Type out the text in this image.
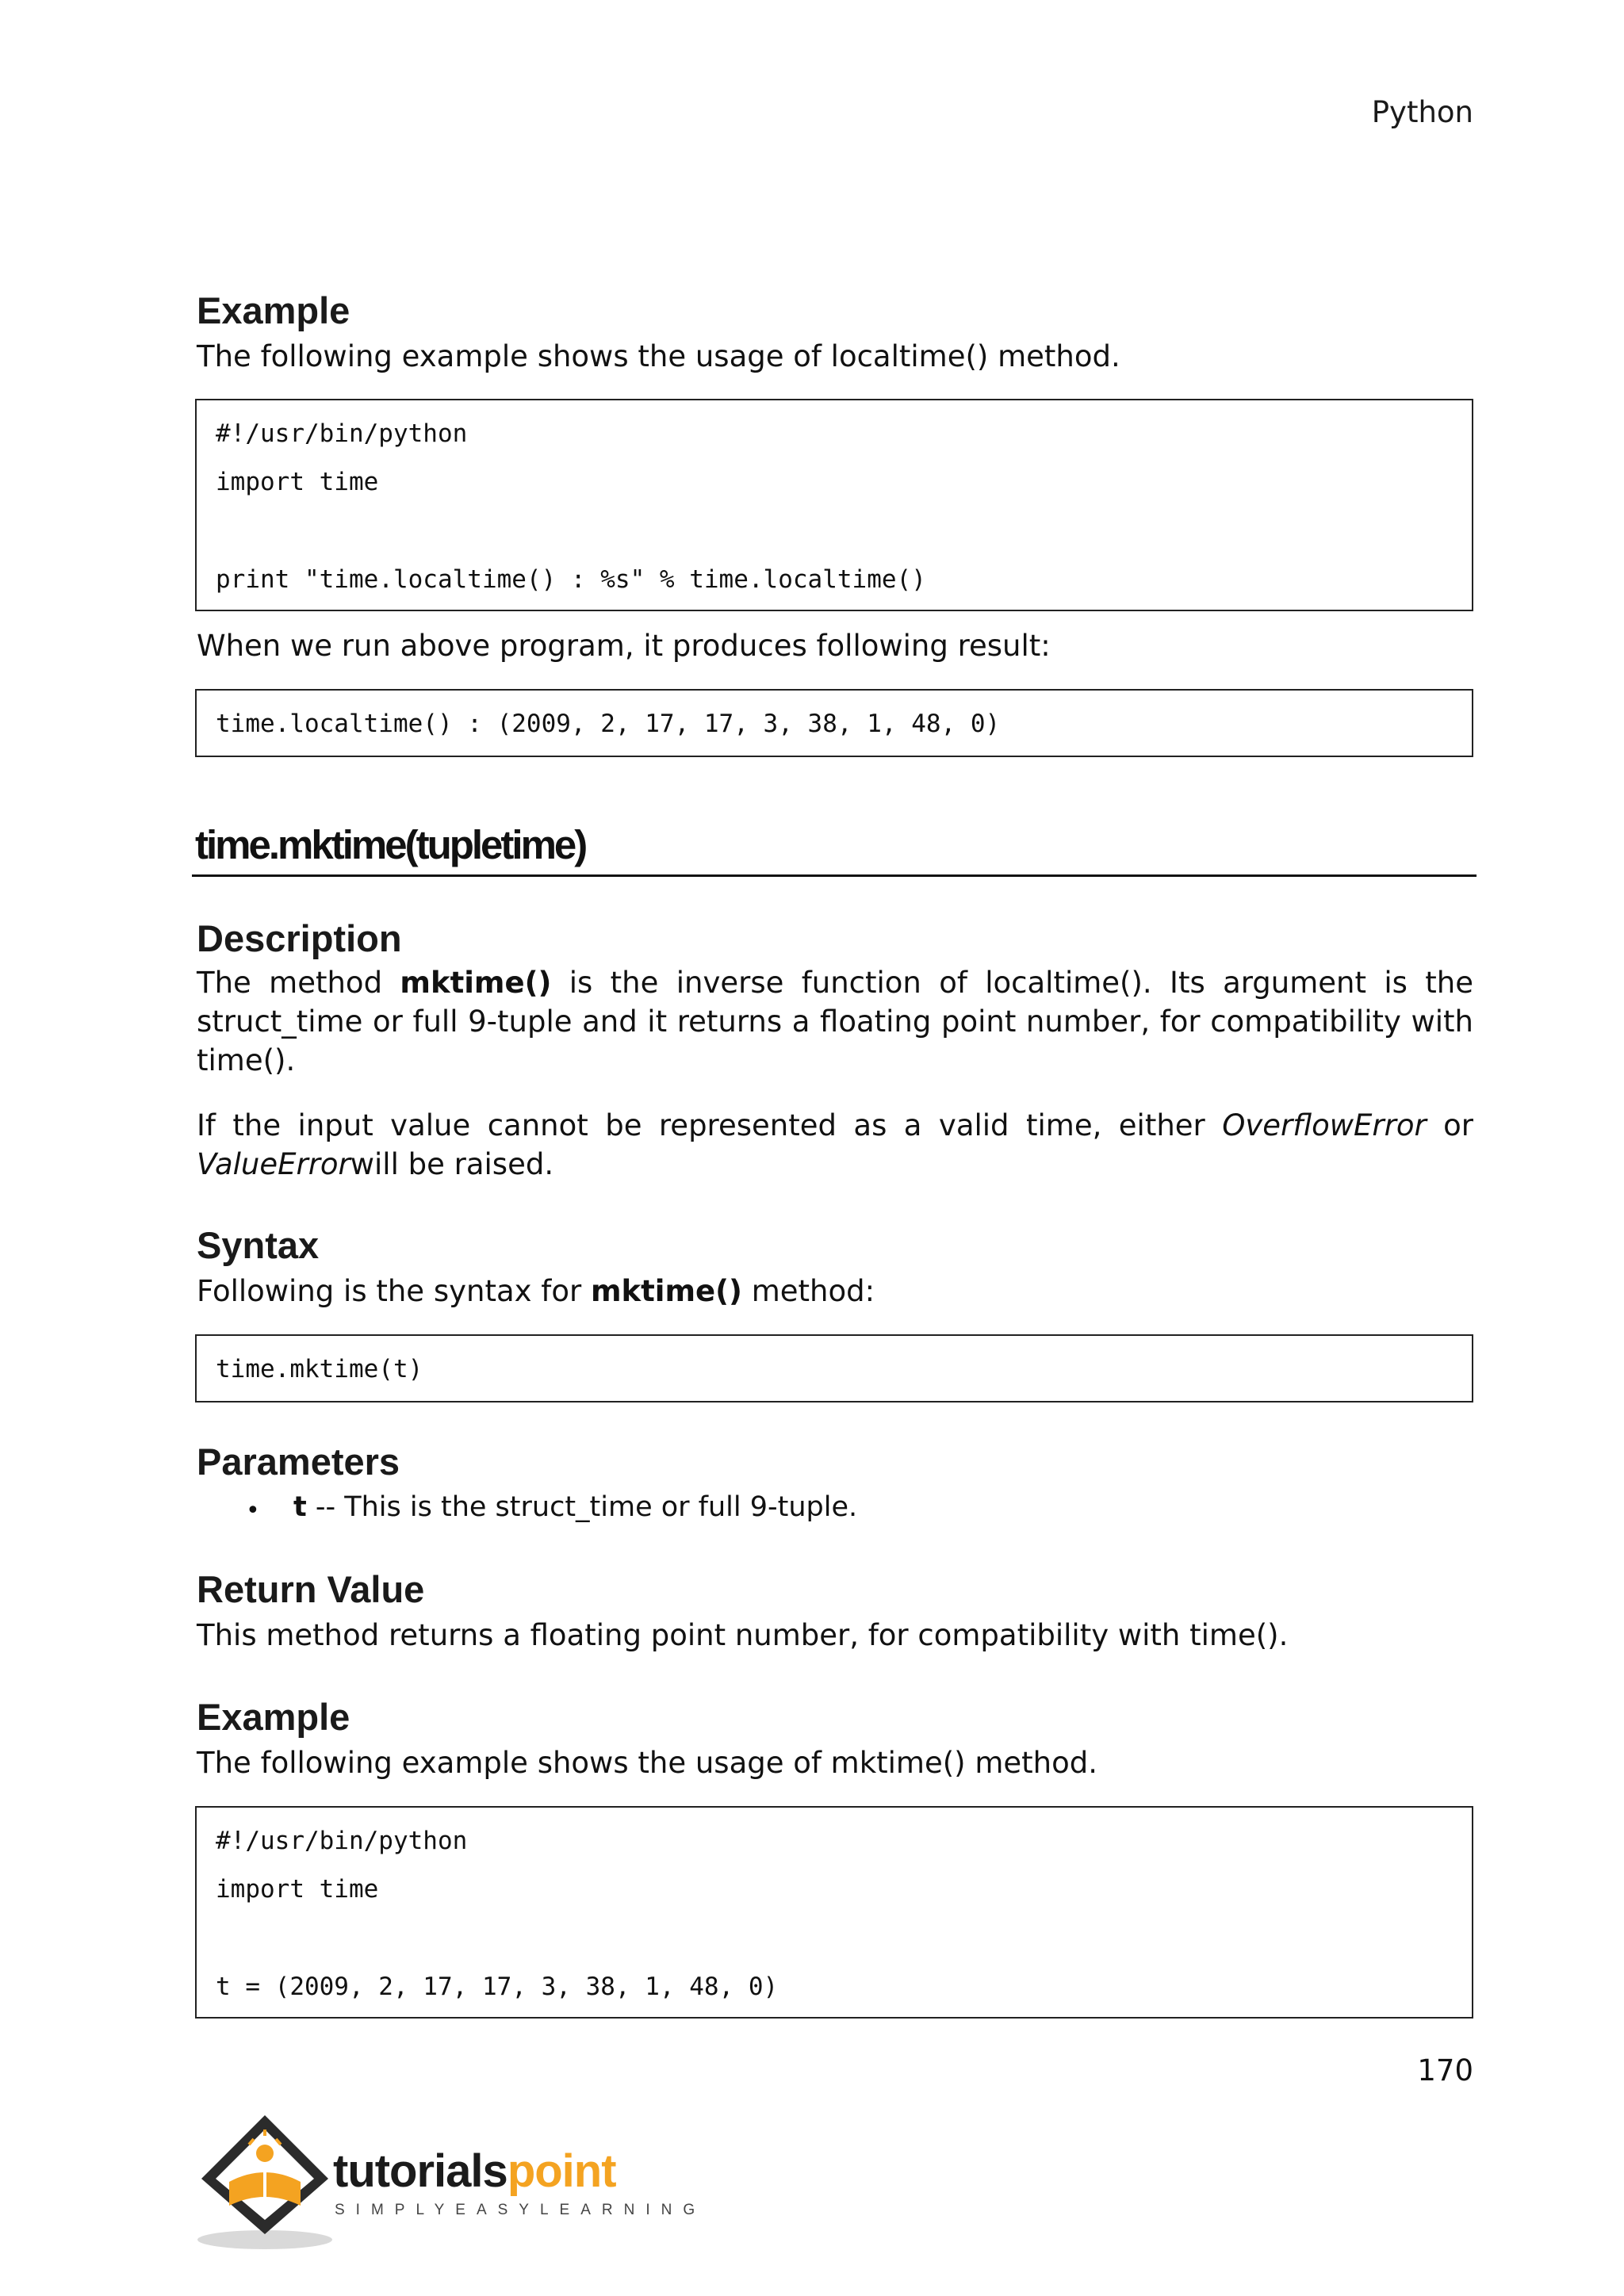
Python
Example
The following example shows the usage of localtime() method.
#!/usr/bin/python
import time
print "time.localtime() : %s" % time.localtime()
When we run above program, it produces following result:
time.localtime() : (2009, 2, 17, 17, 3, 38, 1, 48, 0)
time.mktime(tupletime)
Description
The method mktime() is the inverse function of localtime(). Its argument is the struct_time or full 9-tuple and it returns a floating point number, for compatibility with time().
If the input value cannot be represented as a valid time, either OverflowError or ValueErrorwill be raised.
Syntax
Following is the syntax for mktime() method:
time.mktime(t)
Parameters
• t -- This is the struct_time or full 9-tuple.
Return Value
This method returns a floating point number, for compatibility with time().
Example
The following example shows the usage of mktime() method.
#!/usr/bin/python
import time
t = (2009, 2, 17, 17, 3, 38, 1, 48, 0)
170
tutorialspoint
SIMPLYEASYLEARNING
